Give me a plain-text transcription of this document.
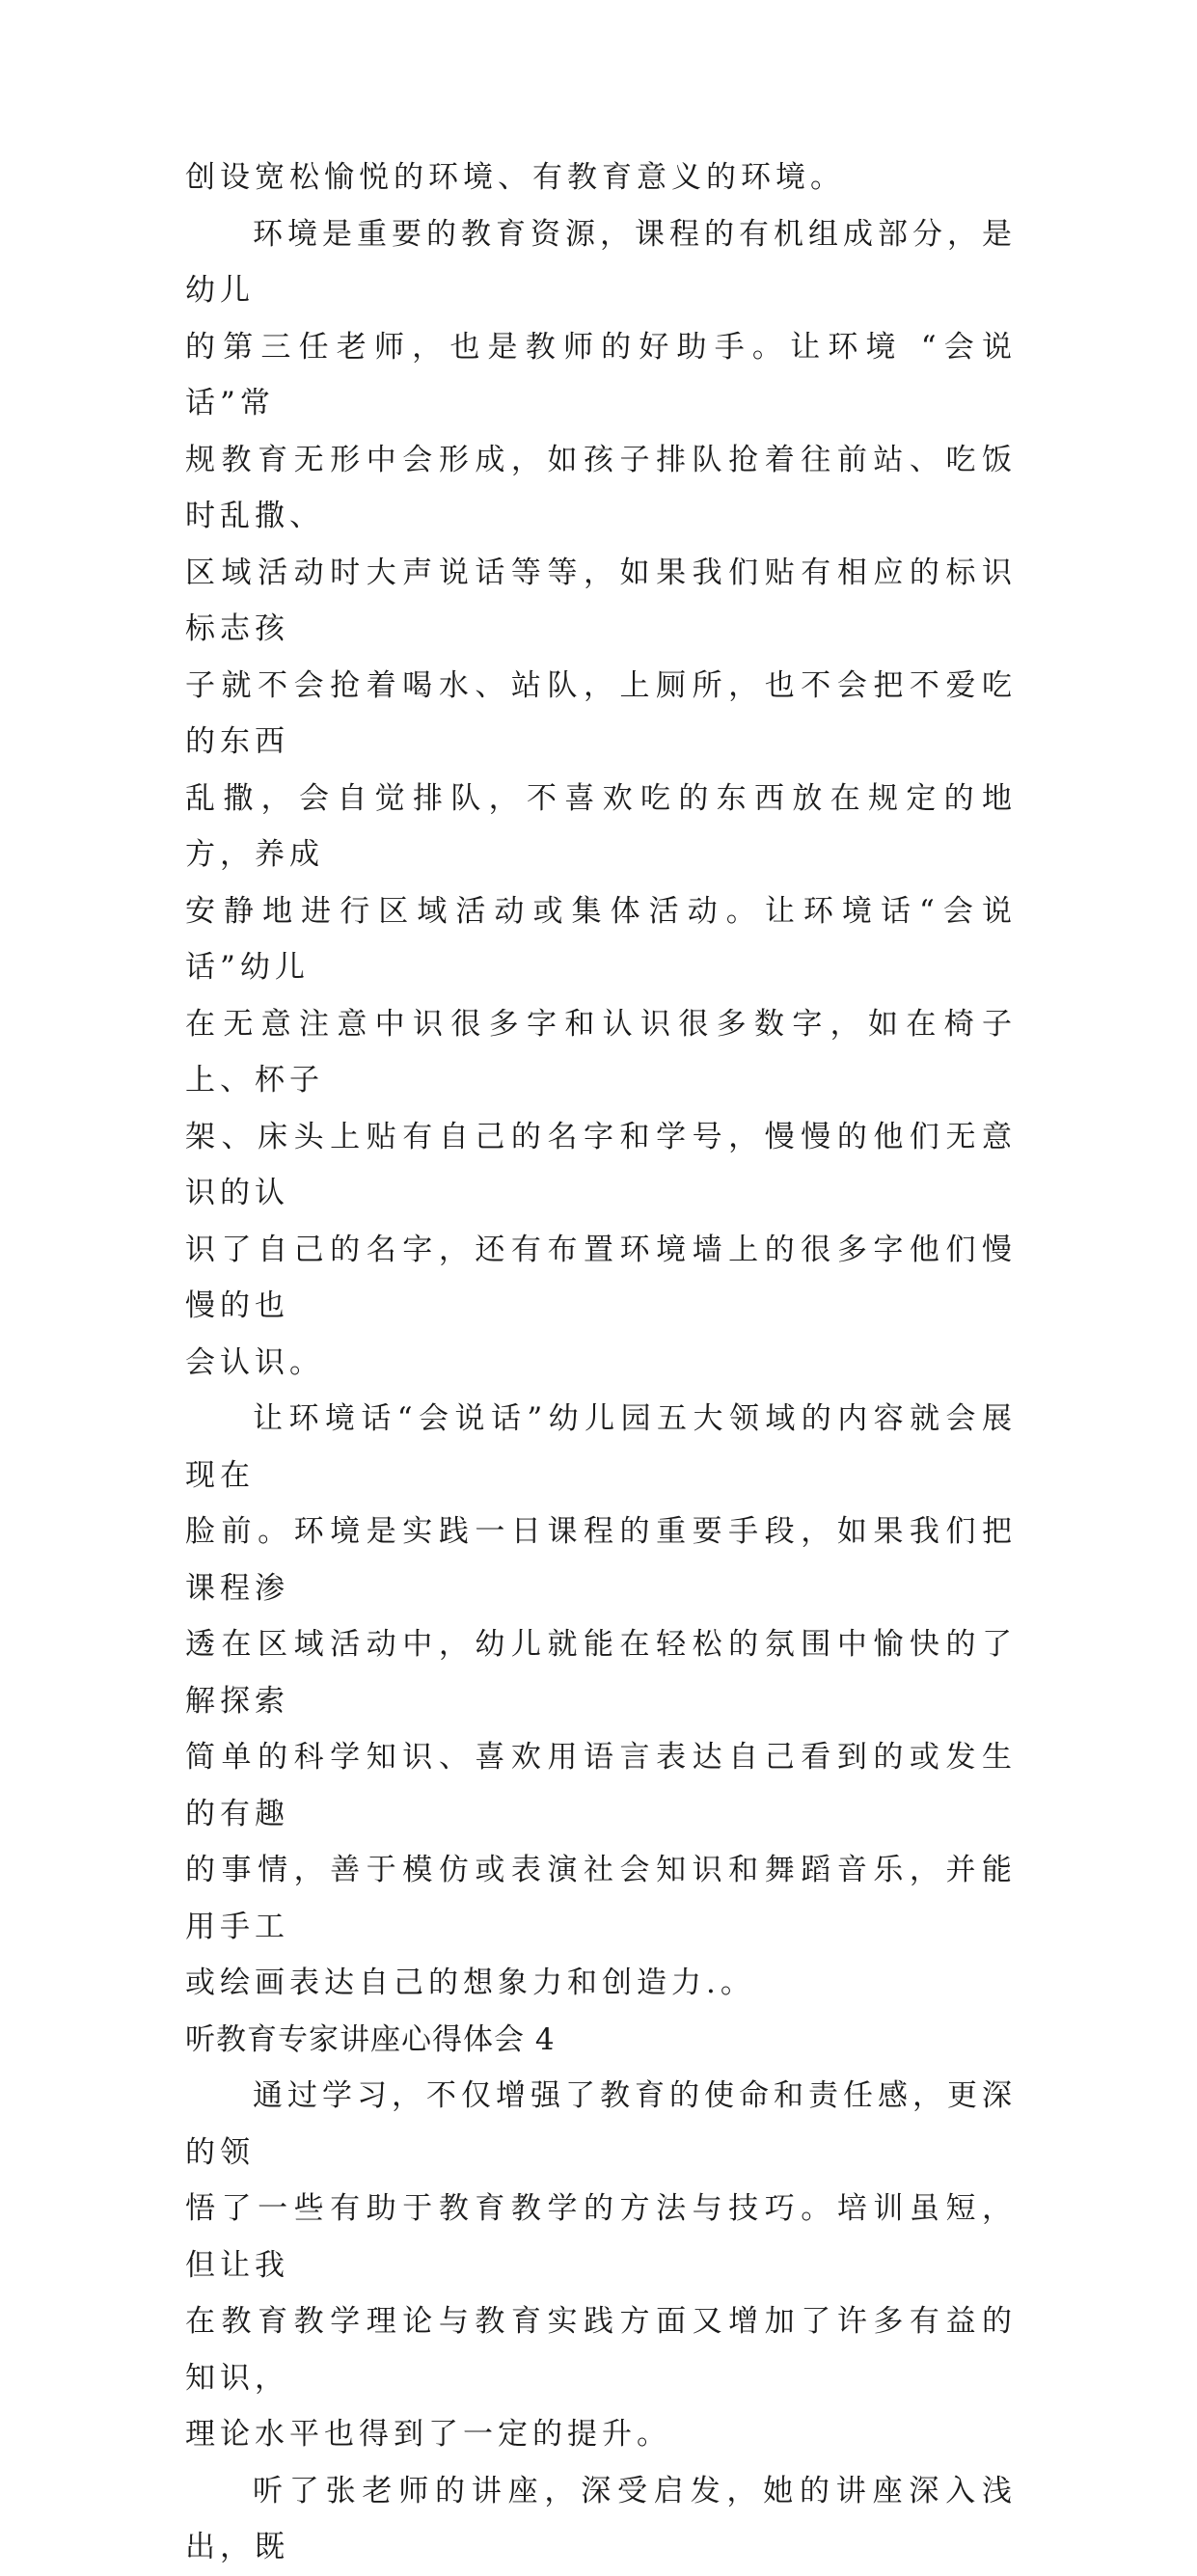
创设宽松愉悦的环境、有教育意义的环境。

环境是重要的教育资源，课程的有机组成部分，是幼儿
的第三任老师，也是教师的好助手。让环境 “会说话”常
规教育无形中会形成，如孩子排队抢着往前站、吃饭时乱撒、
区域活动时大声说话等等，如果我们贴有相应的标识标志孩
子就不会抢着喝水、站队，上厕所，也不会把不爱吃的东西
乱撒，会自觉排队，不喜欢吃的东西放在规定的地方，养成
安静地进行区域活动或集体活动。让环境话“会说话”幼儿
在无意注意中识很多字和认识很多数字，如在椅子上、杯子
架、床头上贴有自己的名字和学号，慢慢的他们无意识的认
识了自己的名字，还有布置环境墙上的很多字他们慢慢的也
会认识。

让环境话“会说话”幼儿园五大领域的内容就会展现在
脸前。环境是实践一日课程的重要手段，如果我们把课程渗
透在区域活动中，幼儿就能在轻松的氛围中愉快的了解探索
简单的科学知识、喜欢用语言表达自己看到的或发生的有趣
的事情，善于模仿或表演社会知识和舞蹈音乐，并能用手工
或绘画表达自己的想象力和创造力.。

听教育专家讲座心得体会 4

通过学习，不仅增强了教育的使命和责任感，更深的领
悟了一些有助于教育教学的方法与技巧。培训虽短，但让我
在教育教学理论与教育实践方面又增加了许多有益的知识，
理论水平也得到了一定的提升。

听了张老师的讲座，深受启发，她的讲座深入浅出，既
